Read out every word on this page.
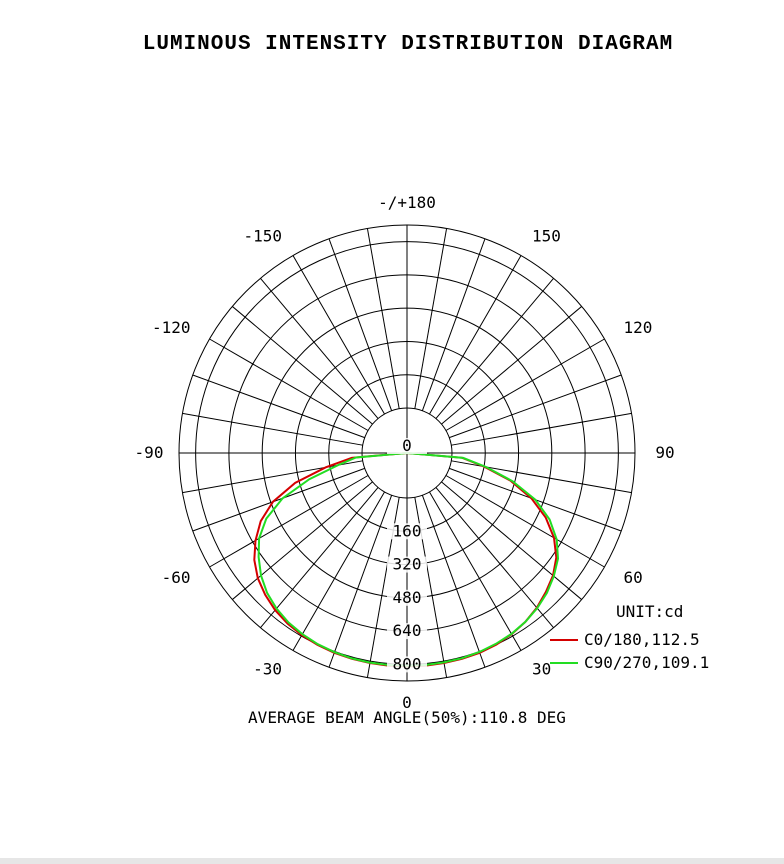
LUMINOUS INTENSITY DISTRIBUTION DIAGRAM
-/+180
-150	150
-120	120
-90	90
-60	60
-30	30
0
0
160
320
480
640
800
UNIT:cd
C0/180,112.5
C90/270,109.1
AVERAGE BEAM ANGLE(50%):110.8 DEG
